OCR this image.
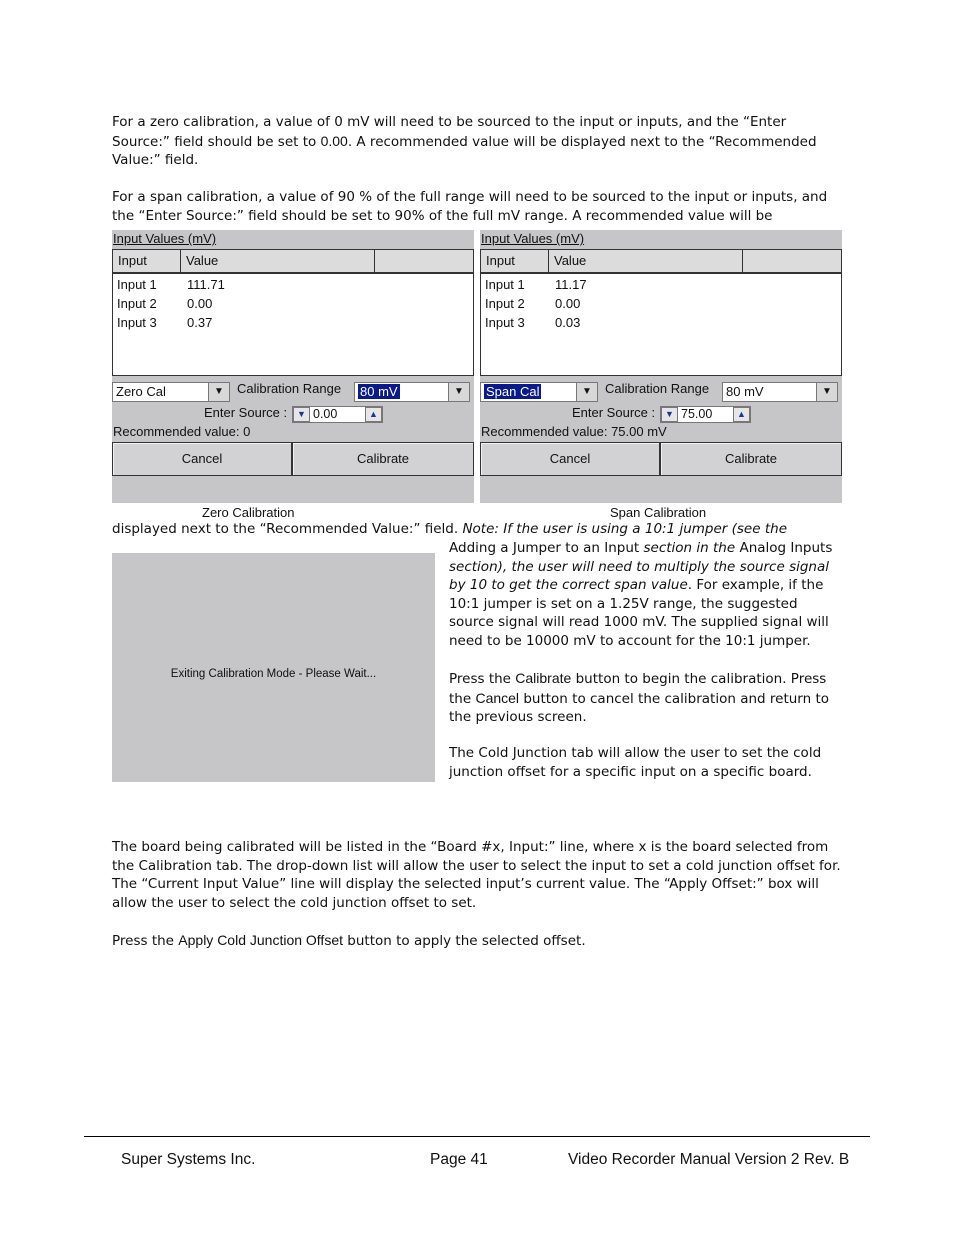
For a zero calibration, a value of 0 mV will need to be sourced to the input or inputs, and the “Enter Source:” field should be set to 0.00. A recommended value will be displayed next to the “Recommended Value:” field.

For a span calibration, a value of 90 % of the full range will need to be sourced to the input or inputs, and the “Enter Source:” field should be set to 90% of the full mV range. A recommended value will be

Input Values (mV)
Input	Value
Input 1 111.71
Input 2 0.00
Input 3 0.37
Zero Cal	▼	Calibration Range	80 mV	▼
Enter Source :	▼ 0.00	▲
Recommended value: 0
Cancel	Calibrate
Zero Calibration
Input Values (mV)
Input	Value
Input 1 11.17
Input 2 0.00
Input 3 0.03
Span Cal	▼	Calibration Range	80 mV	▼
Enter Source :	▼ 75.00	▲
Recommended value: 75.00 mV
Cancel	Calibrate
Span Calibration

displayed next to the “Recommended Value:” field. Note: If the user is using a 10:1 jumper (see the

Exiting Calibration Mode - Please Wait...

Adding a Jumper to an Input section in the Analog Inputs section), the user will need to multiply the source signal by 10 to get the correct span value. For example, if the 10:1 jumper is set on a 1.25V range, the suggested source signal will read 1000 mV. The supplied signal will need to be 10000 mV to account for the 10:1 jumper.

Press the Calibrate button to begin the calibration. Press the Cancel button to cancel the calibration and return to the previous screen.

The Cold Junction tab will allow the user to set the cold junction offset for a specific input on a specific board.

The board being calibrated will be listed in the “Board #x, Input:” line, where x is the board selected from the Calibration tab. The drop-down list will allow the user to select the input to set a cold junction offset for. The “Current Input Value” line will display the selected input’s current value. The “Apply Offset:” box will allow the user to select the cold junction offset to set.

Press the Apply Cold Junction Offset button to apply the selected offset.

Super Systems Inc.	Page 41	Video Recorder Manual Version 2 Rev. B
